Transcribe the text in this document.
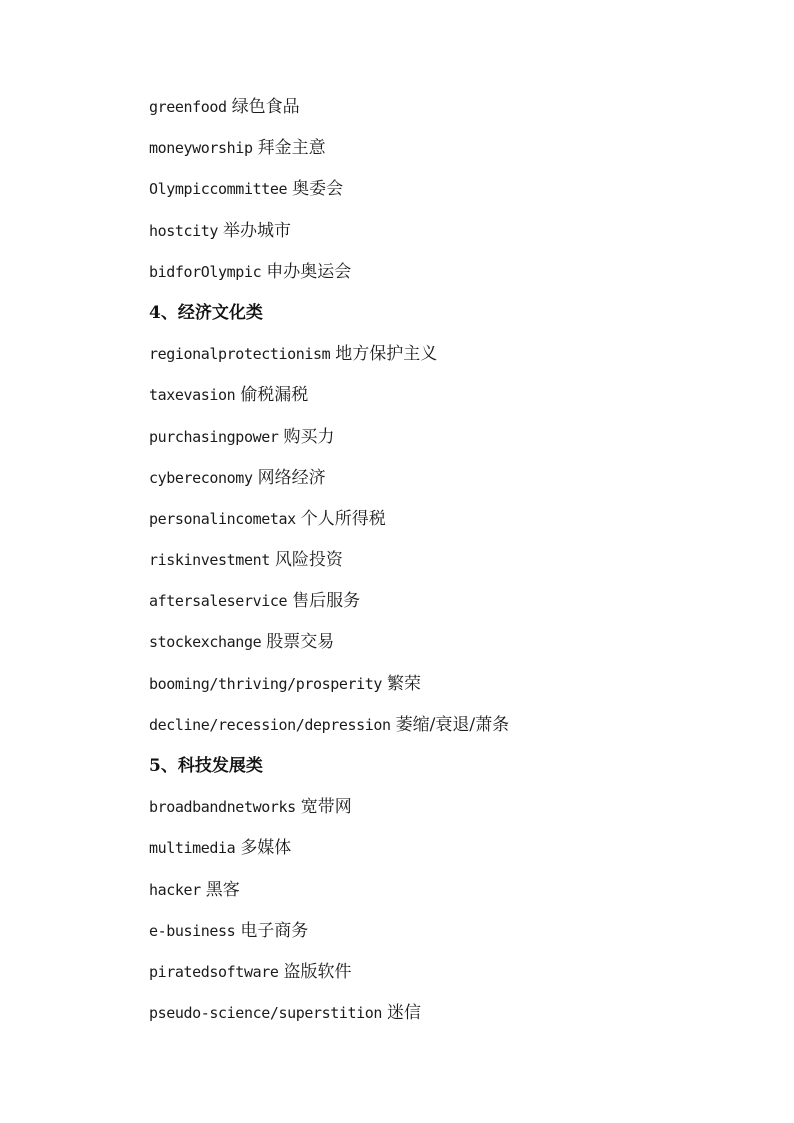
greenfood 绿色食品
moneyworship 拜金主意
Olympiccommittee 奥委会
hostcity 举办城市
bidforOlympic 申办奥运会
4、经济文化类
regionalprotectionism 地方保护主义
taxevasion 偷税漏税
purchasingpower 购买力
cybereconomy 网络经济
personalincometax 个人所得税
riskinvestment 风险投资
aftersaleservice 售后服务
stockexchange 股票交易
booming/thriving/prosperity 繁荣
decline/recession/depression 萎缩/衰退/萧条
5、科技发展类
broadbandnetworks 宽带网
multimedia 多媒体
hacker 黑客
e-business 电子商务
piratedsoftware 盗版软件
pseudo-science/superstition 迷信
